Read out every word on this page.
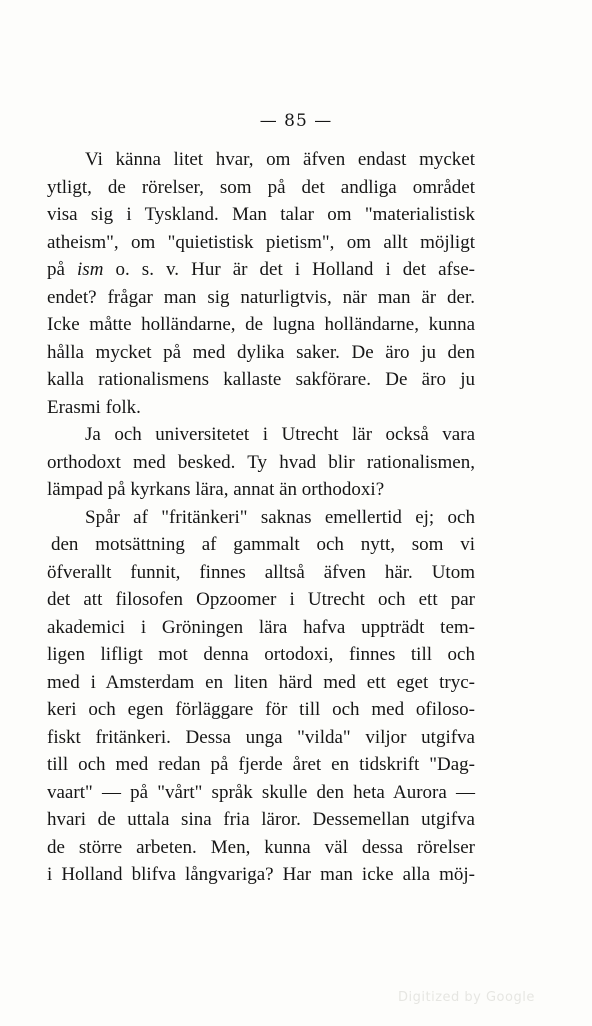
— 85 —
Vi känna litet hvar, om äfven endast mycket
ytligt, de rörelser, som på det andliga området
visa sig i Tyskland. Man talar om "materialistisk
atheism", om "quietistisk pietism", om allt möjligt
på ism o. s. v. Hur är det i Holland i det afse-
endet? frågar man sig naturligtvis, när man är der.
Icke måtte holländarne, de lugna holländarne, kunna
hålla mycket på med dylika saker. De äro ju den
kalla rationalismens kallaste sakförare. De äro ju
Erasmi folk.
Ja och universitetet i Utrecht lär också vara
orthodoxt med besked. Ty hvad blir rationalismen,
lämpad på kyrkans lära, annat än orthodoxi?
Spår af "fritänkeri" saknas emellertid ej; och
den motsättning af gammalt och nytt, som vi
öfverallt funnit, finnes alltså äfven här. Utom
det att filosofen Opzoomer i Utrecht och ett par
akademici i Gröningen lära hafva uppträdt tem-
ligen lifligt mot denna ortodoxi, finnes till och
med i Amsterdam en liten härd med ett eget tryc-
keri och egen förläggare för till och med ofiloso-
fiskt fritänkeri. Dessa unga "vilda" viljor utgifva
till och med redan på fjerde året en tidskrift "Dag-
vaart" — på "vårt" språk skulle den heta Aurora —
hvari de uttala sina fria läror. Dessemellan utgifva
de större arbeten. Men, kunna väl dessa rörelser
i Holland blifva långvariga? Har man icke alla möj-
Digitized by Google
